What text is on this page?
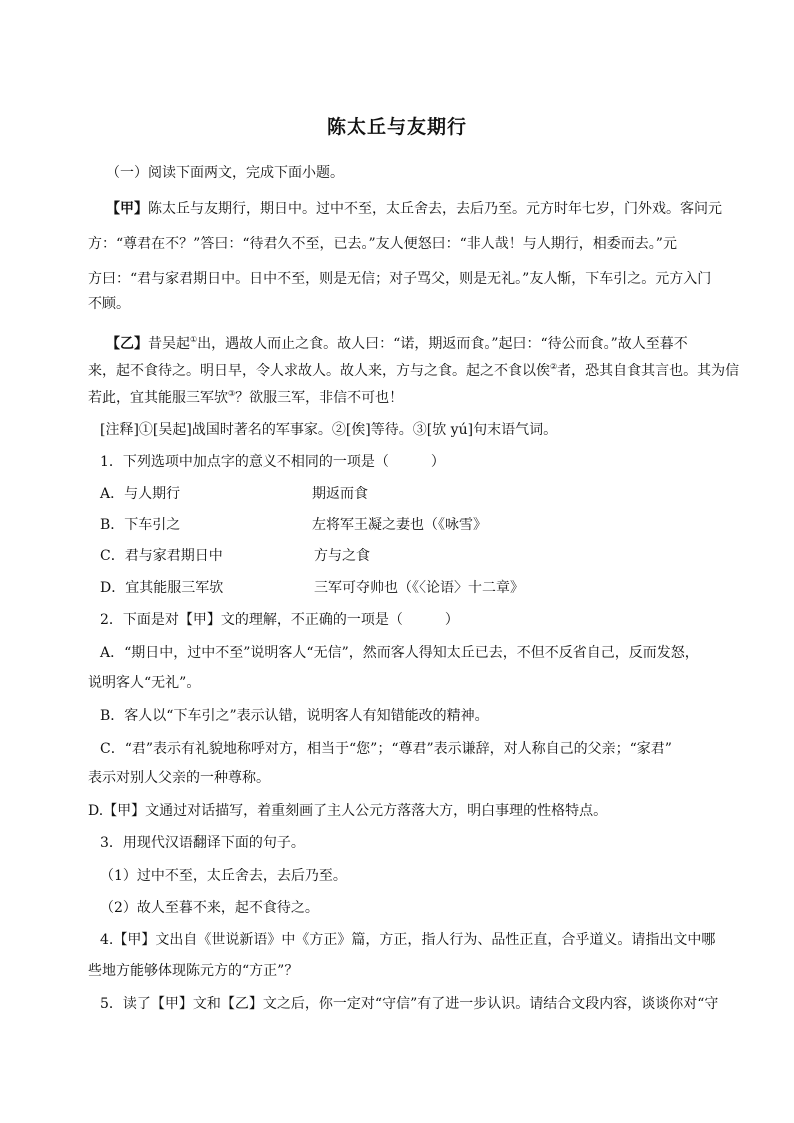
陈太丘与友期行
（一）阅读下面两文，完成下面小题。
【甲】陈太丘与友期行，期日中。过中不至，太丘舍去，去后乃至。元方时年七岁，门外戏。客问元
方：“尊君在不？”答曰：“待君久不至，已去。”友人便怒曰：“非人哉！与人期行，相委而去。”元
方曰：“君与家君期日中。日中不至，则是无信；对子骂父，则是无礼。”友人惭，下车引之。元方入门
不顾。
【乙】昔吴起①出，遇故人而止之食。故人曰：“诺，期返而食。”起曰：“待公而食。”故人至暮不
来，起不食待之。明日早，令人求故人。故人来，方与之食。起之不食以俟②者，恐其自食其言也。其为信
若此，宜其能服三军欤③？欲服三军，非信不可也！
[注释]①[吴起]战国时著名的军事家。②[俟]等待。③[欤 yú]句末语气词。
1．下列选项中加点字的意义不相同的一项是（　　　）
A．与人期行	期返而食
B．下车引之	左将军王凝之妻也（《咏雪》
C．君与家君期日中	方与之食
D．宜其能服三军欤	三军可夺帅也（《〈论语〉十二章》
2．下面是对【甲】文的理解，不正确的一项是（　　　）
A．“期日中，过中不至”说明客人“无信”，然而客人得知太丘已去，不但不反省自己，反而发怒，
说明客人“无礼”。
B．客人以“下车引之”表示认错，说明客人有知错能改的精神。
C．“君”表示有礼貌地称呼对方，相当于“您”；“尊君”表示谦辞，对人称自己的父亲；“家君”
表示对别人父亲的一种尊称。
D.【甲】文通过对话描写，着重刻画了主人公元方落落大方，明白事理的性格特点。
3．用现代汉语翻译下面的句子。
（1）过中不至，太丘舍去，去后乃至。
（2）故人至暮不来，起不食待之。
4.【甲】文出自《世说新语》中《方正》篇，方正，指人行为、品性正直，合乎道义。请指出文中哪
些地方能够体现陈元方的“方正”？
5．读了【甲】文和【乙】文之后，你一定对“守信”有了进一步认识。请结合文段内容，谈谈你对“守
